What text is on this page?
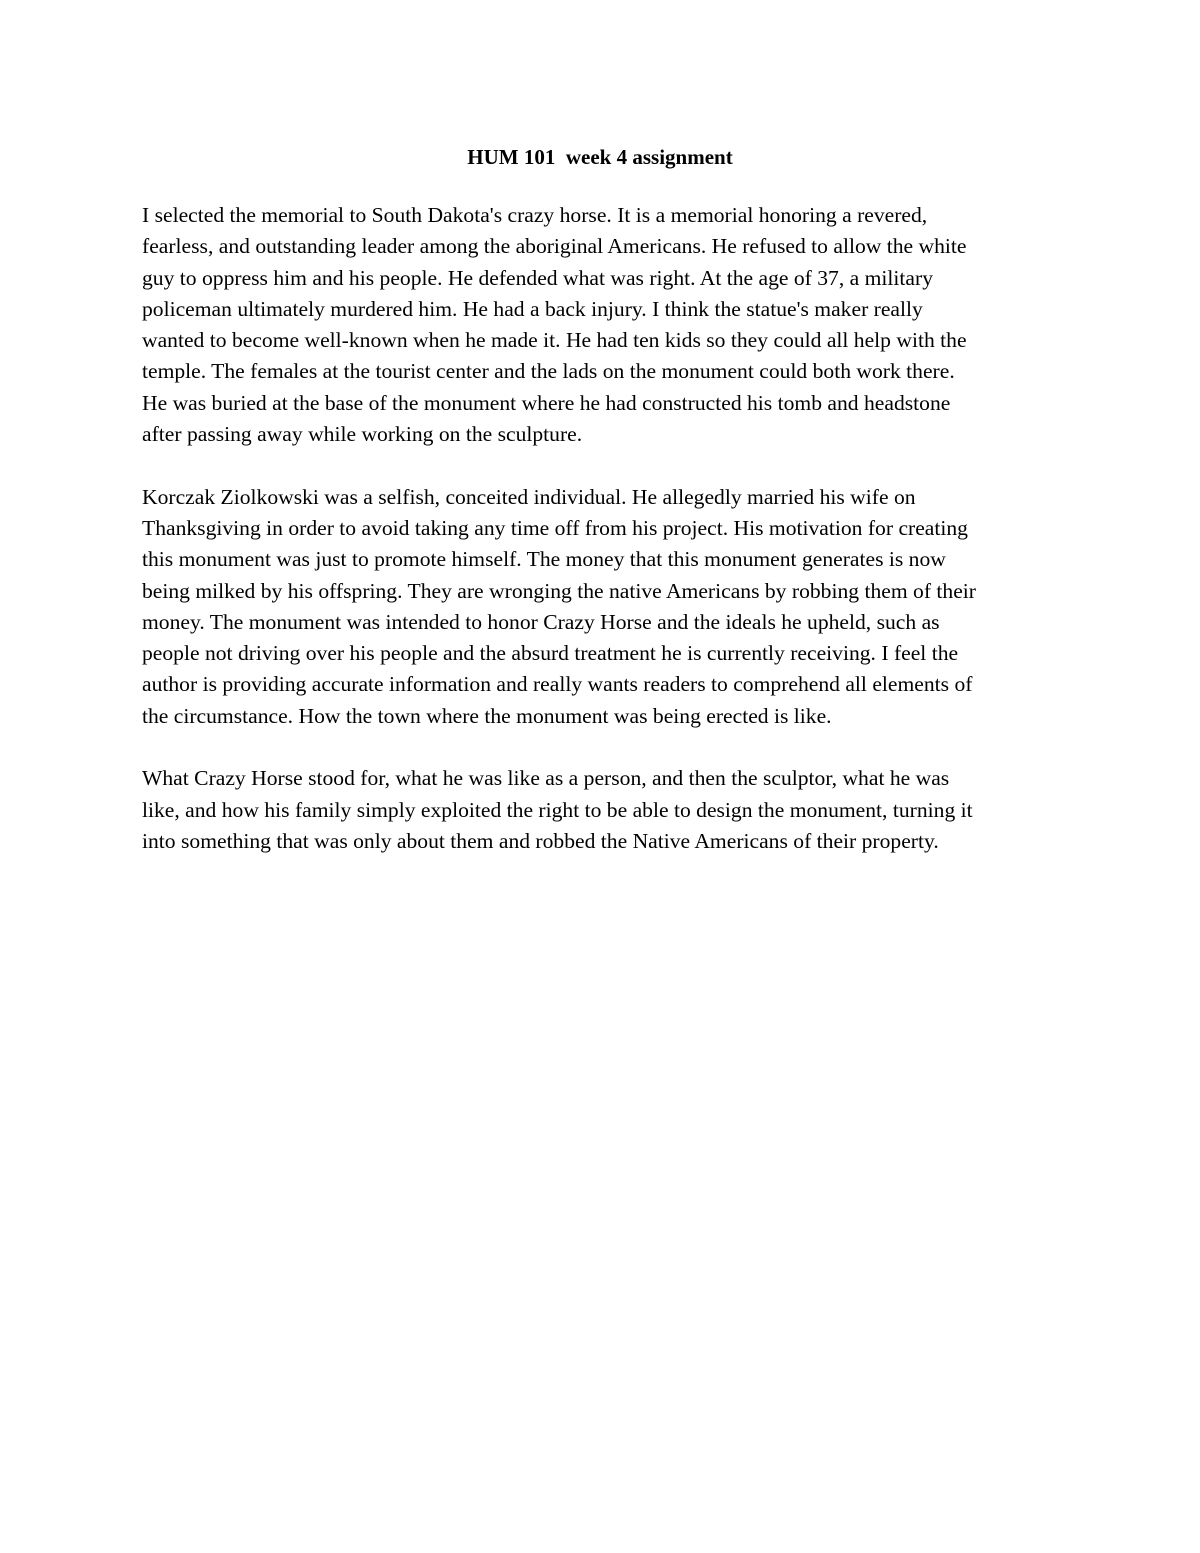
HUM 101  week 4 assignment

I selected the memorial to South Dakota's crazy horse. It is a memorial honoring a revered,
fearless, and outstanding leader among the aboriginal Americans. He refused to allow the white
guy to oppress him and his people. He defended what was right. At the age of 37, a military
policeman ultimately murdered him. He had a back injury. I think the statue's maker really
wanted to become well-known when he made it. He had ten kids so they could all help with the
temple. The females at the tourist center and the lads on the monument could both work there.
He was buried at the base of the monument where he had constructed his tomb and headstone
after passing away while working on the sculpture.

Korczak Ziolkowski was a selfish, conceited individual. He allegedly married his wife on
Thanksgiving in order to avoid taking any time off from his project. His motivation for creating
this monument was just to promote himself. The money that this monument generates is now
being milked by his offspring. They are wronging the native Americans by robbing them of their
money. The monument was intended to honor Crazy Horse and the ideals he upheld, such as
people not driving over his people and the absurd treatment he is currently receiving. I feel the
author is providing accurate information and really wants readers to comprehend all elements of
the circumstance. How the town where the monument was being erected is like.

What Crazy Horse stood for, what he was like as a person, and then the sculptor, what he was
like, and how his family simply exploited the right to be able to design the monument, turning it
into something that was only about them and robbed the Native Americans of their property.
